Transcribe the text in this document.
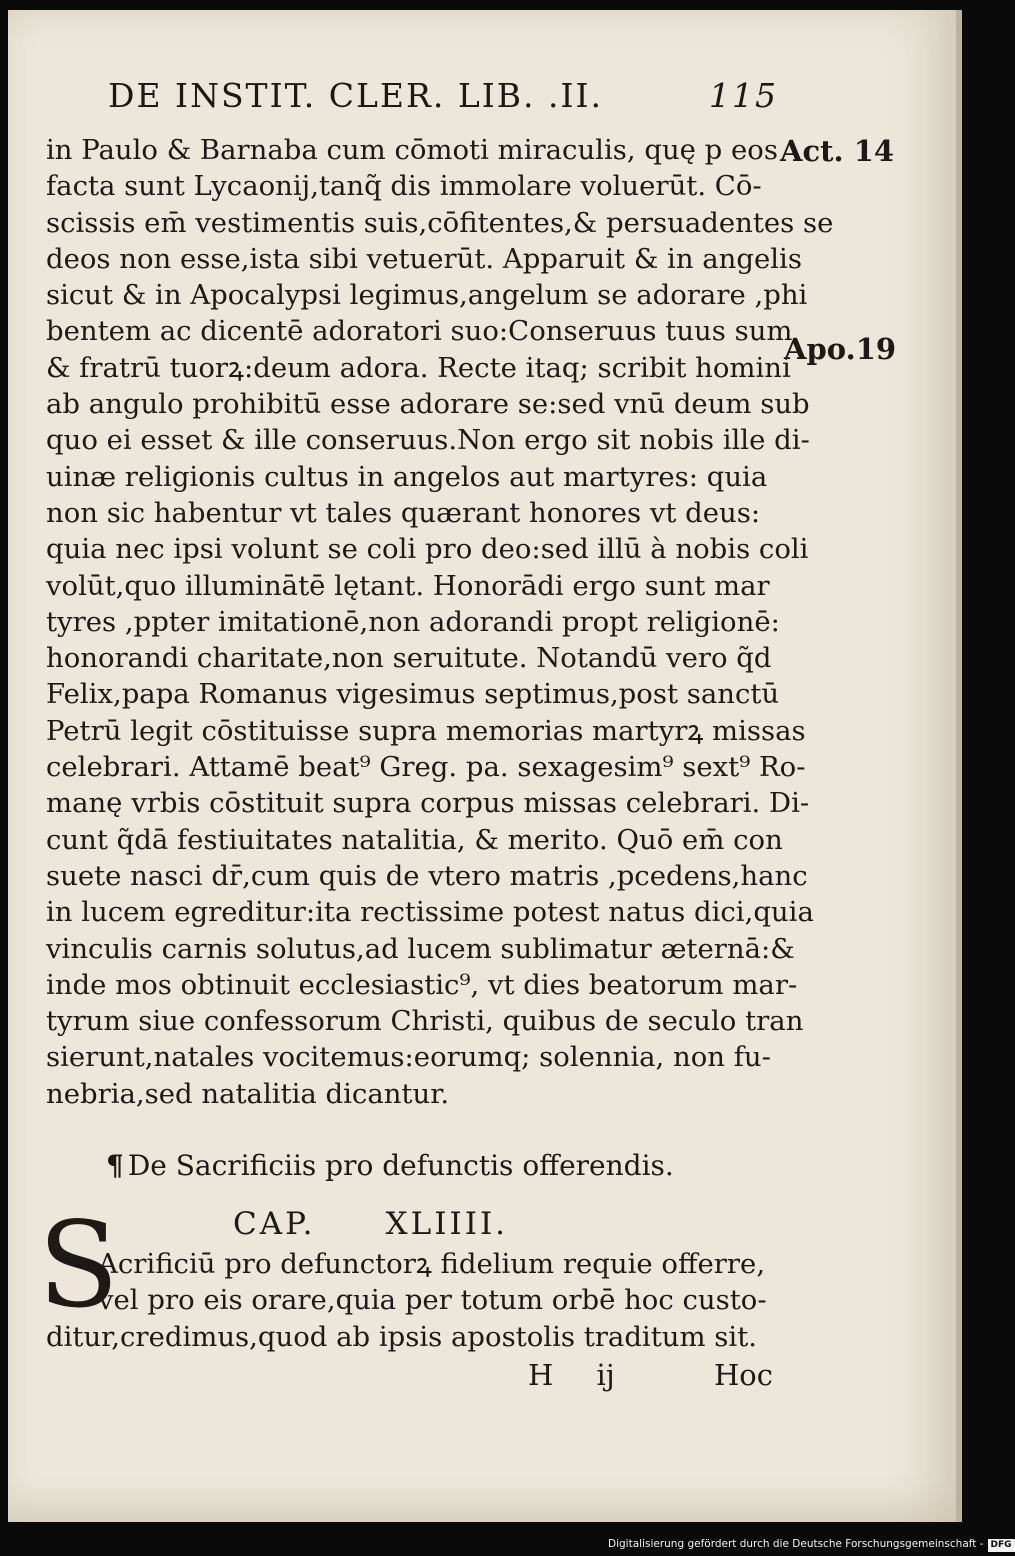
DE INSTIT. CLER. LIB. .II.	115
Act. 14
Apo.19
in Paulo & Barnaba cum cōmoti miraculis, quę p eos
facta sunt Lycaonij,tanq̃ dis immolare voluerūt. Cō-
scissis em̄ vestimentis suis,cōfitentes,& persuadentes se
deos non esse,ista sibi vetuerūt. Apparuit & in angelis
sicut & in Apocalypsi legimus,angelum se adorare ,phi
bentem ac dicentē adoratori suo:Conseruus tuus sum
& fratrū tuorꝝ:deum adora. Recte itaq; scribit homini
ab angulo prohibitū esse adorare se:sed vnū deum sub
quo ei esset & ille conseruus.Non ergo sit nobis ille di-
uinæ religionis cultus in angelos aut martyres: quia
non sic habentur vt tales quærant honores vt deus:
quia nec ipsi volunt se coli pro deo:sed illū à nobis coli
volūt,quo illuminātē lętant. Honorādi ergo sunt mar
tyres ,ppter imitationē,non adorandi propt religionē:
honorandi charitate,non seruitute. Notandū vero q̃d
Felix,papa Romanus vigesimus septimus,post sanctū
Petrū legit cōstituisse supra memorias martyrꝝ missas
celebrari. Attamē beat⁹ Greg. pa. sexagesim⁹ sext⁹ Ro-
manę vrbis cōstituit supra corpus missas celebrari. Di-
cunt q̃dā festiuitates natalitia, & merito. Quō em̄ con
suete nasci dr̄,cum quis de vtero matris ,pcedens,hanc
in lucem egreditur:ita rectissime potest natus dici,quia
vinculis carnis solutus,ad lucem sublimatur æternā:&
inde mos obtinuit ecclesiastic⁹, vt dies beatorum mar-
tyrum siue confessorum Christi, quibus de seculo tran
sierunt,natales vocitemus:eorumq; solennia, non fu-
nebria,sed natalitia dicantur.
¶ De Sacrificiis pro defunctis offerendis.
CAP. XLIIII.
S
Acrificiū pro defunctorꝝ fidelium requie offerre,
vel pro eis orare,quia per totum orbē hoc custo-
ditur,credimus,quod ab ipsis apostolis traditum sit.
H ij	Hoc
Digitalisierung gefördert durch die Deutsche Forschungsgemeinschaft - DFG
